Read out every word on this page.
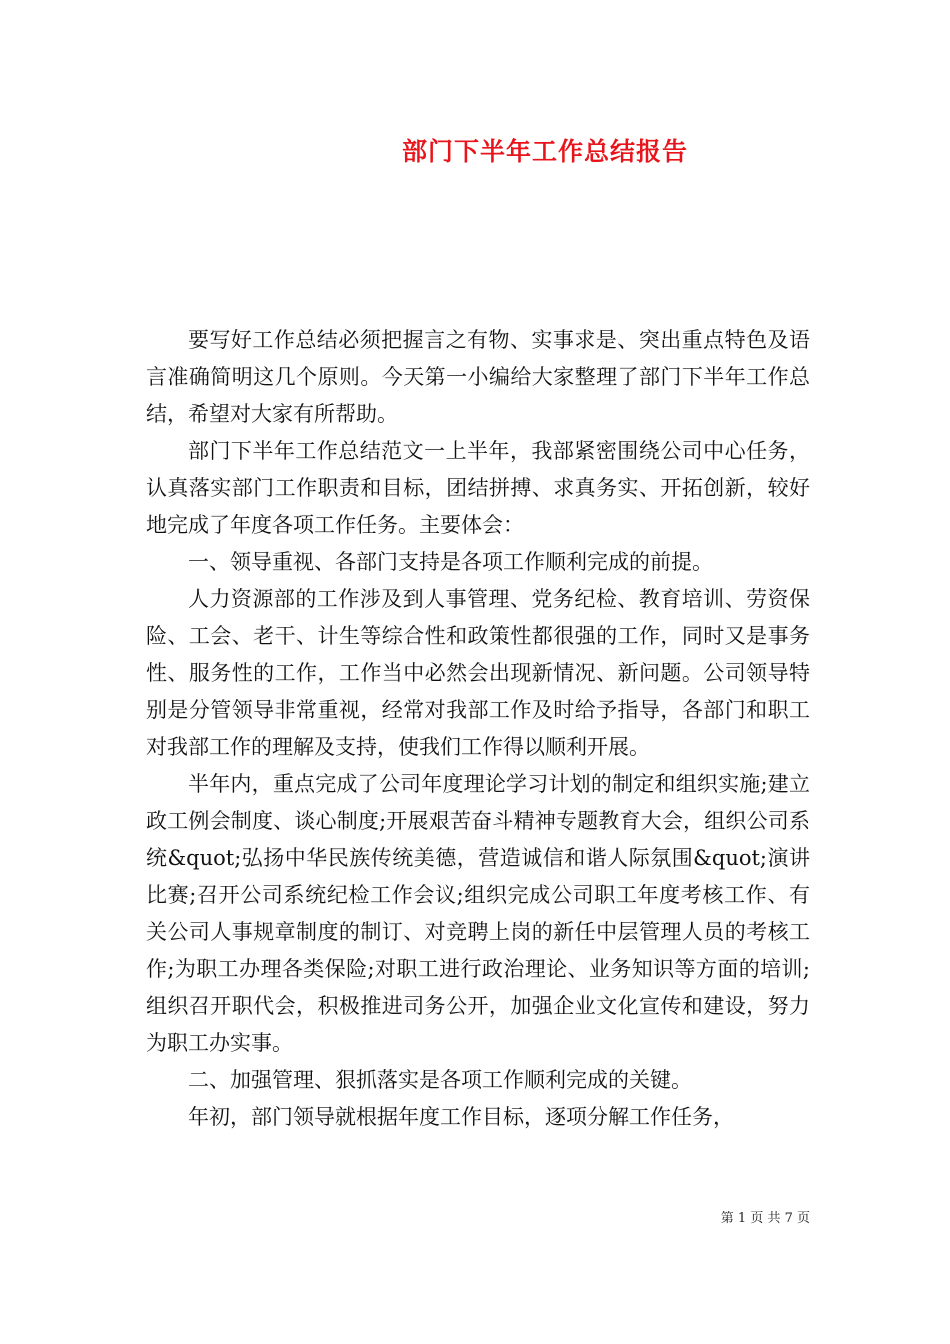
部门下半年工作总结报告

要写好工作总结必须把握言之有物、实事求是、突出重点特色及语言准确简明这几个原则。今天第一小编给大家整理了部门下半年工作总结，希望对大家有所帮助。

部门下半年工作总结范文一上半年，我部紧密围绕公司中心任务，认真落实部门工作职责和目标，团结拼搏、求真务实、开拓创新，较好地完成了年度各项工作任务。主要体会：

一、领导重视、各部门支持是各项工作顺利完成的前提。

人力资源部的工作涉及到人事管理、党务纪检、教育培训、劳资保险、工会、老干、计生等综合性和政策性都很强的工作，同时又是事务性、服务性的工作，工作当中必然会出现新情况、新问题。公司领导特别是分管领导非常重视，经常对我部工作及时给予指导，各部门和职工对我部工作的理解及支持，使我们工作得以顺利开展。

半年内，重点完成了公司年度理论学习计划的制定和组织实施;建立政工例会制度、谈心制度;开展艰苦奋斗精神专题教育大会，组织公司系统&quot;弘扬中华民族传统美德，营造诚信和谐人际氛围&quot;演讲比赛;召开公司系统纪检工作会议;组织完成公司职工年度考核工作、有关公司人事规章制度的制订、对竞聘上岗的新任中层管理人员的考核工作;为职工办理各类保险;对职工进行政治理论、业务知识等方面的培训;组织召开职代会，积极推进司务公开，加强企业文化宣传和建设，努力为职工办实事。

二、加强管理、狠抓落实是各项工作顺利完成的关键。

年初，部门领导就根据年度工作目标，逐项分解工作任务，

第 1 页 共 7 页
